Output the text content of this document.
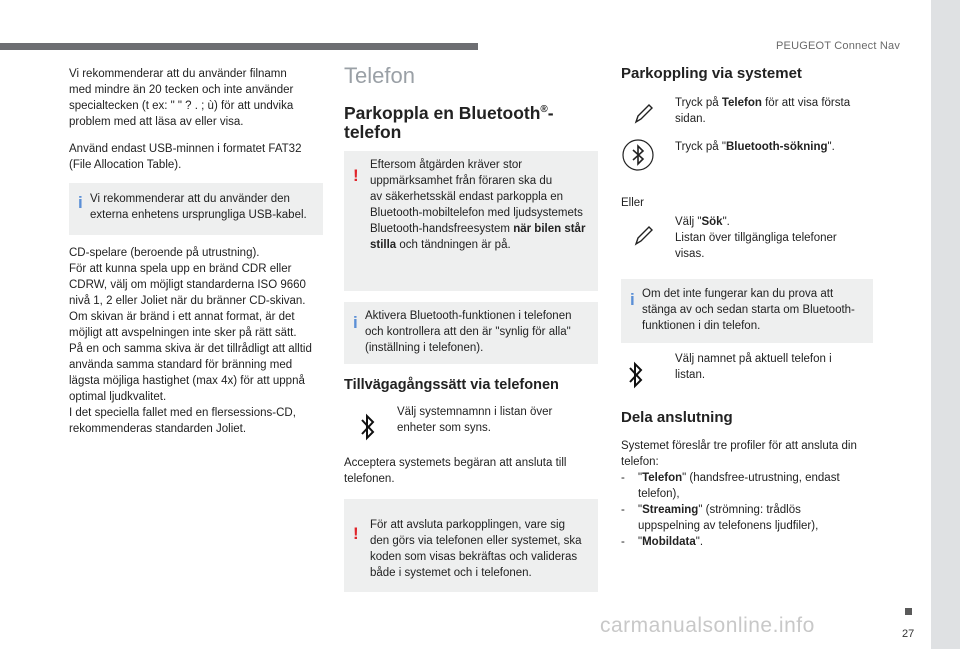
PEUGEOT Connect Nav
27
carmanualsonline.info

Vi rekommenderar att du använder filnamn

med mindre än 20 tecken och inte använder

specialtecken (t ex: " " ? . ; ù) för att undvika

problem med att läsa av eller visa.

Använd endast USB-minnen i formatet FAT32

(File Allocation Table).

i Vi rekommenderar att du använder den

externa enhetens ursprungliga USB-kabel.

CD-spelare (beroende på utrustning).

För att kunna spela upp en bränd CDR eller

CDRW, välj om möjligt standarderna ISO 9660

nivå 1, 2 eller Joliet när du bränner CD-skivan.

Om skivan är bränd i ett annat format, är det

möjligt att avspelningen inte sker på rätt sätt.

På en och samma skiva är det tillrådligt att alltid

använda samma standard för bränning med

lägsta möjliga hastighet (max 4x) för att uppnå

optimal ljudkvalitet.

I det speciella fallet med en flersessions-CD,

rekommenderas standarden Joliet.

Telefon
Parkoppla en Bluetooth®-
telefon
!

Eftersom åtgärden kräver stor

uppmärksamhet från föraren ska du

av säkerhetsskäl endast parkoppla en

Bluetooth-mobiltelefon med ljudsystemets

Bluetooth-handsfreesystem när bilen står

stilla och tändningen är på.

i Aktivera Bluetooth-funktionen i telefonen

och kontrollera att den är "synlig för alla"

(inställning i telefonen).

Tillvägagångssätt via telefonen

Välj systemnamnn i listan över

enheter som syns.

Acceptera systemets begäran att ansluta till

telefonen.

! För att avsluta parkopplingen, vare sig

den görs via telefonen eller systemet, ska

koden som visas bekräftas och valideras

både i systemet och i telefonen.

Parkoppling via systemet

Tryck på Telefon för att visa första

sidan.

Tryck på "Bluetooth-sökning".

Eller

Välj "Sök".

Listan över tillgängliga telefoner

visas.

i Om det inte fungerar kan du prova att

stänga av och sedan starta om Bluetooth-

funktionen i din telefon.

Välj namnet på aktuell telefon i

listan.

Dela anslutning

Systemet föreslår tre profiler för att ansluta din

telefon:

- "Telefon" (handsfree-utrustning, endast

telefon),

- "Streaming" (strömning: trådlös

uppspelning av telefonens ljudfiler),

- "Mobildata".
